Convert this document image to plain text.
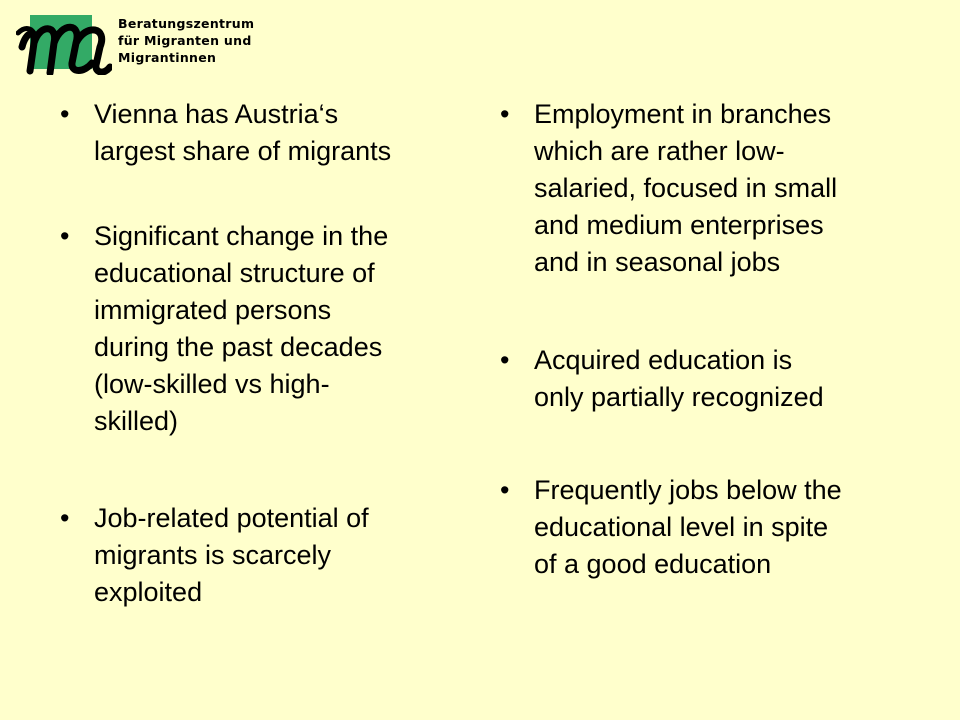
Beratungszentrum
für Migranten und
Migrantinnen
• Vienna has Austria‘s
largest share of migrants
• Significant change in the
educational structure of
immigrated persons
during the past decades
(low-skilled vs high-
skilled)
• Job-related potential of
migrants is scarcely
exploited
• Employment in branches
which are rather low-
salaried, focused in small
and medium enterprises
and in seasonal jobs
• Acquired education is
only partially recognized
• Frequently jobs below the
educational level in spite
of a good education
